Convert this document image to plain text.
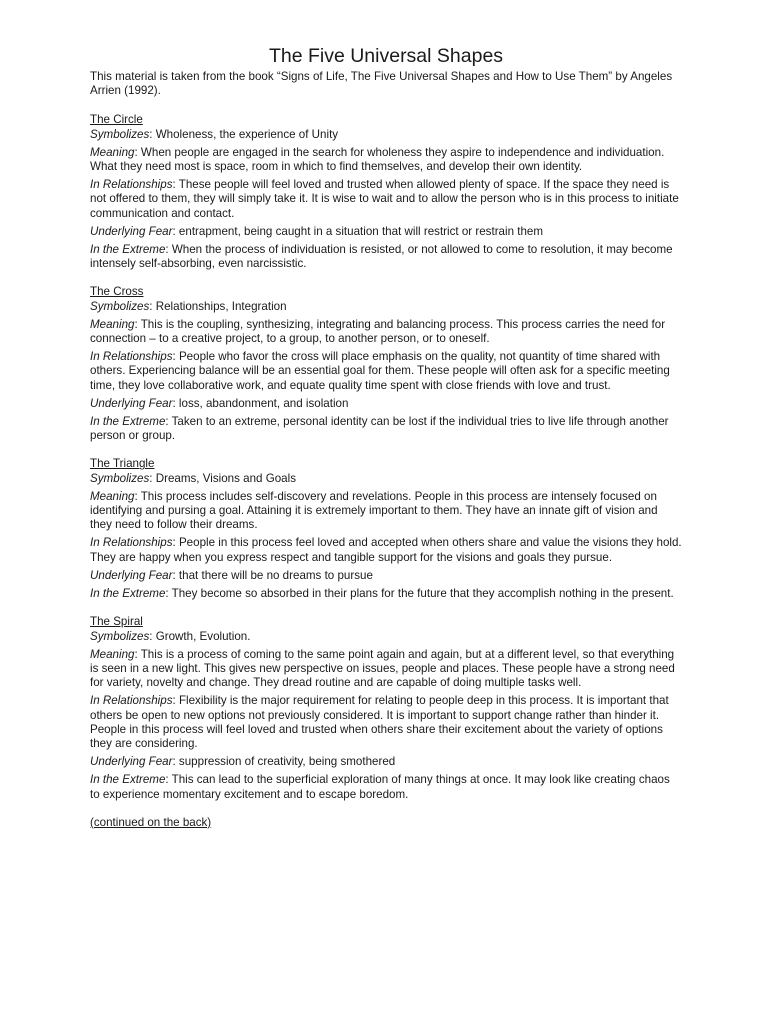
The Five Universal Shapes

This material is taken from the book “Signs of Life, The Five Universal Shapes and How to Use Them” by Angeles Arrien (1992).

The Circle

Symbolizes: Wholeness, the experience of Unity

Meaning: When people are engaged in the search for wholeness they aspire to independence and individuation. What they need most is space, room in which to find themselves, and develop their own identity.

In Relationships: These people will feel loved and trusted when allowed plenty of space. If the space they need is not offered to them, they will simply take it. It is wise to wait and to allow the person who is in this process to initiate communication and contact.

Underlying Fear: entrapment, being caught in a situation that will restrict or restrain them

In the Extreme: When the process of individuation is resisted, or not allowed to come to resolution, it may become intensely self-absorbing, even narcissistic.

The Cross

Symbolizes: Relationships, Integration

Meaning: This is the coupling, synthesizing, integrating and balancing process. This process carries the need for connection – to a creative project, to a group, to another person, or to oneself.

In Relationships: People who favor the cross will place emphasis on the quality, not quantity of time shared with others. Experiencing balance will be an essential goal for them. These people will often ask for a specific meeting time, they love collaborative work, and equate quality time spent with close friends with love and trust.

Underlying Fear: loss, abandonment, and isolation

In the Extreme: Taken to an extreme, personal identity can be lost if the individual tries to live life through another person or group.

The Triangle

Symbolizes: Dreams, Visions and Goals

Meaning: This process includes self-discovery and revelations. People in this process are intensely focused on identifying and pursing a goal. Attaining it is extremely important to them. They have an innate gift of vision and they need to follow their dreams.

In Relationships: People in this process feel loved and accepted when others share and value the visions they hold. They are happy when you express respect and tangible support for the visions and goals they pursue.

Underlying Fear: that there will be no dreams to pursue

In the Extreme: They become so absorbed in their plans for the future that they accomplish nothing in the present.

The Spiral

Symbolizes: Growth, Evolution.

Meaning: This is a process of coming to the same point again and again, but at a different level, so that everything is seen in a new light. This gives new perspective on issues, people and places. These people have a strong need for variety, novelty and change. They dread routine and are capable of doing multiple tasks well.

In Relationships: Flexibility is the major requirement for relating to people deep in this process. It is important that others be open to new options not previously considered. It is important to support change rather than hinder it. People in this process will feel loved and trusted when others share their excitement about the variety of options they are considering.

Underlying Fear: suppression of creativity, being smothered

In the Extreme: This can lead to the superficial exploration of many things at once. It may look like creating chaos to experience momentary excitement and to escape boredom.

(continued on the back)
